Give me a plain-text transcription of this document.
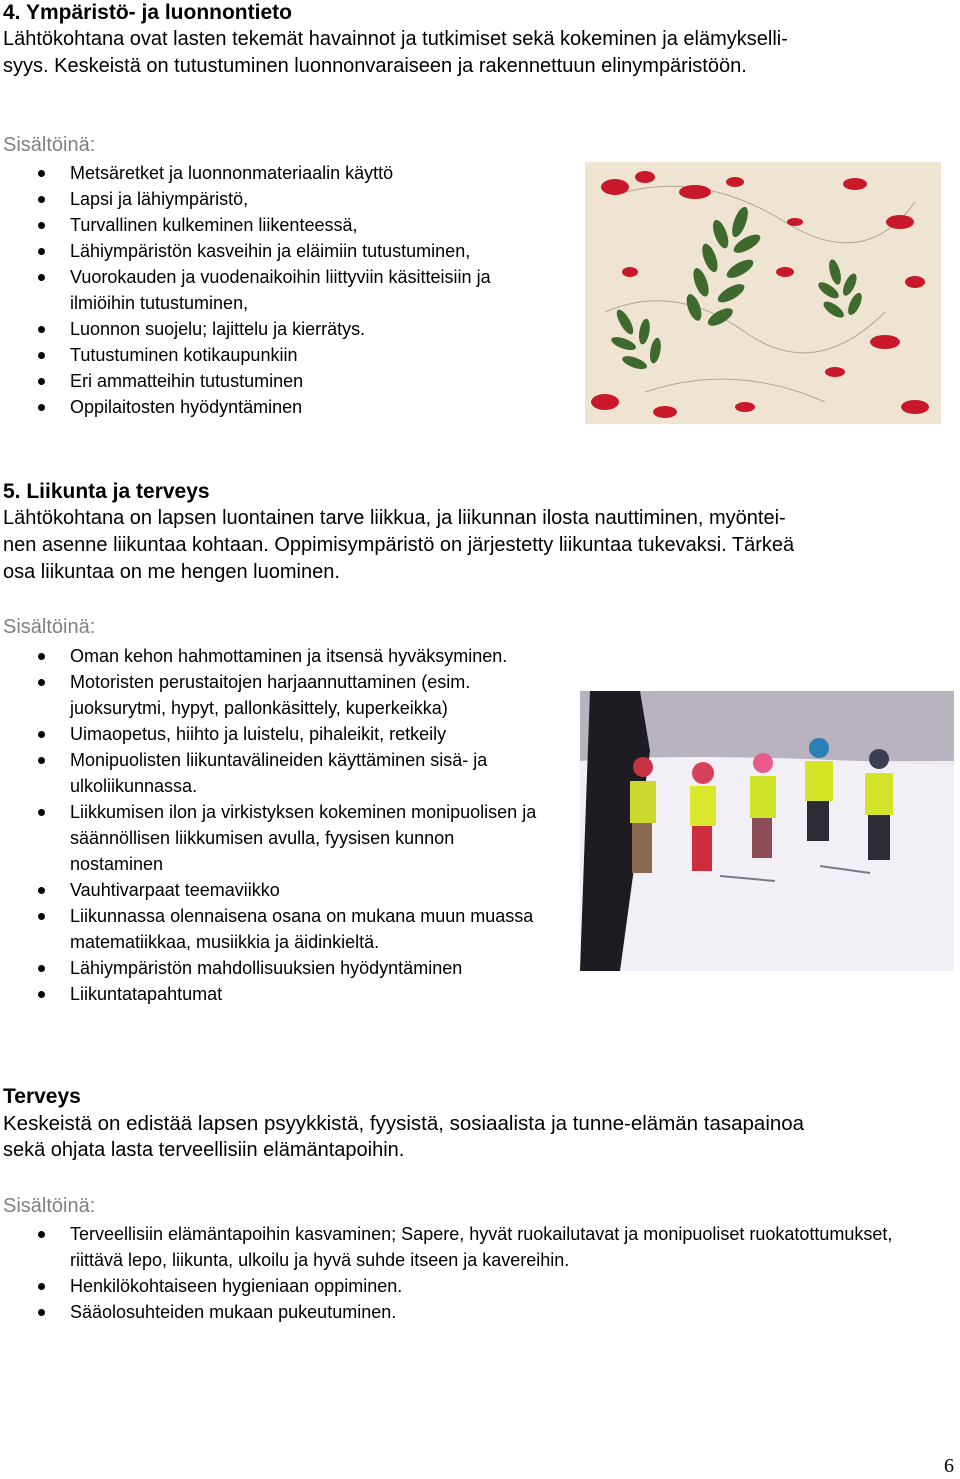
4. Ympäristö- ja luonnontieto

Lähtökohtana ovat lasten tekemät havainnot ja tutkimiset sekä kokeminen ja elämykselli-

syys. Keskeistä on tutustuminen luonnonvaraiseen ja rakennettuun elinympäristöön.

Sisältöinä:

Metsäretket ja luonnonmateriaalin käyttö
Lapsi ja lähiympäristö,
Turvallinen kulkeminen liikenteessä,
Lähiympäristön kasveihin ja eläimiin tutustuminen,
Vuorokauden ja vuodenaikoihin liittyviin käsitteisiin ja ilmiöihin tutustuminen,
Luonnon suojelu; lajittelu ja kierrätys.
Tutustuminen kotikaupunkiin
Eri ammatteihin tutustuminen
Oppilaitosten hyödyntäminen

5. Liikunta ja terveys

Lähtökohtana on lapsen luontainen tarve liikkua, ja liikunnan ilosta nauttiminen, myöntei-

nen asenne liikuntaa kohtaan. Oppimisympäristö on järjestetty liikuntaa tukevaksi. Tärkeä

osa liikuntaa on me hengen luominen.

Sisältöinä:

Oman kehon hahmottaminen ja itsensä hyväksyminen.
Motoristen perustaitojen harjaannuttaminen (esim. juoksurytmi, hypyt, pallonkäsittely, kuperkeikka)
Uimaopetus, hiihto ja luistelu, pihaleikit, retkeily
Monipuolisten liikuntavälineiden käyttäminen sisä- ja ulkoliikunnassa.
Liikkumisen ilon ja virkistyksen kokeminen monipuolisen ja säännöllisen liikkumisen avulla, fyysisen kunnon nostaminen
Vauhtivarpaat teemaviikko
Liikunnassa olennaisena osana on mukana muun muassa matematiikkaa, musiikkia ja äidinkieltä.
Lähiympäristön mahdollisuuksien hyödyntäminen
Liikuntatapahtumat

Terveys

Keskeistä on edistää lapsen psyykkistä, fyysistä, sosiaalista ja tunne-elämän tasapainoa

sekä ohjata lasta terveellisiin elämäntapoihin.

Sisältöinä:

Terveellisiin elämäntapoihin kasvaminen; Sapere, hyvät ruokailutavat ja monipuoliset ruokatottumukset, riittävä lepo, liikunta, ulkoilu ja hyvä suhde itseen ja kavereihin.
Henkilökohtaiseen hygieniaan oppiminen.
Sääolosuhteiden mukaan pukeutuminen.
6
